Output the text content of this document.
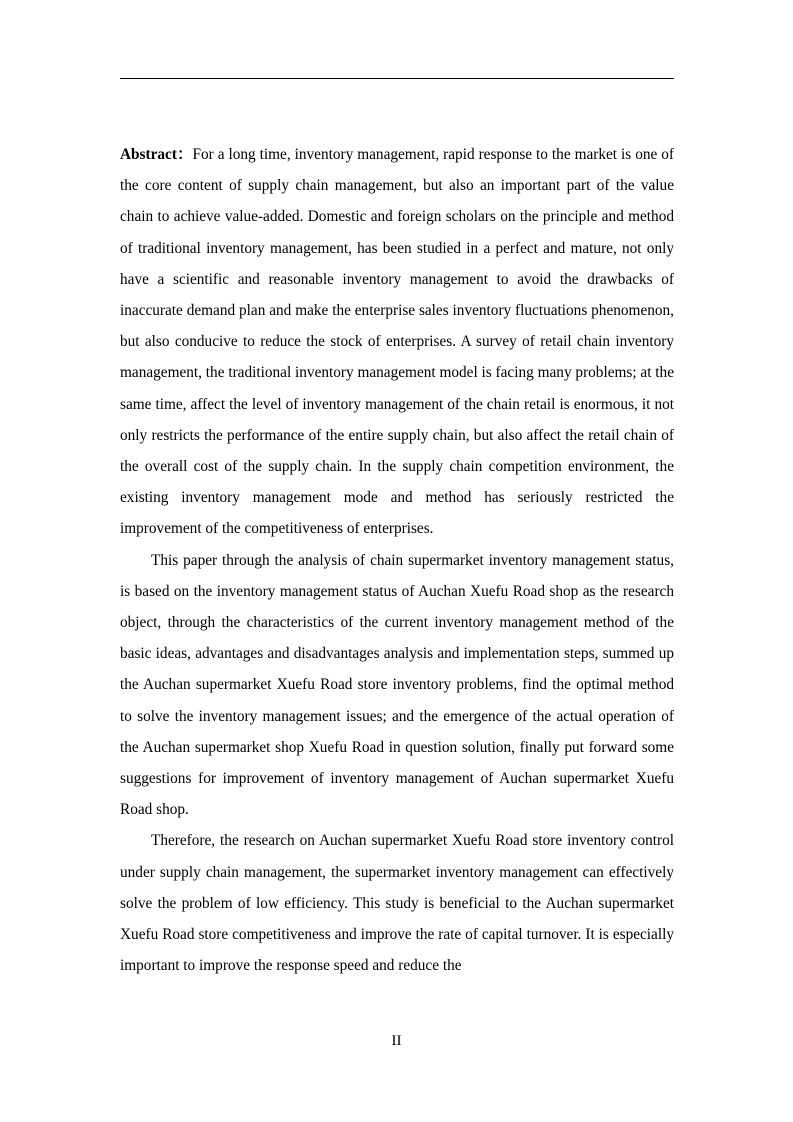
Abstract：For a long time, inventory management, rapid response to the market is one of the core content of supply chain management, but also an important part of the value chain to achieve value-added. Domestic and foreign scholars on the principle and method of traditional inventory management, has been studied in a perfect and mature, not only have a scientific and reasonable inventory management to avoid the drawbacks of inaccurate demand plan and make the enterprise sales inventory fluctuations phenomenon, but also conducive to reduce the stock of enterprises. A survey of retail chain inventory management, the traditional inventory management model is facing many problems; at the same time, affect the level of inventory management of the chain retail is enormous, it not only restricts the performance of the entire supply chain, but also affect the retail chain of the overall cost of the supply chain. In the supply chain competition environment, the existing inventory management mode and method has seriously restricted the improvement of the competitiveness of enterprises.

This paper through the analysis of chain supermarket inventory management status, is based on the inventory management status of Auchan Xuefu Road shop as the research object, through the characteristics of the current inventory management method of the basic ideas, advantages and disadvantages analysis and implementation steps, summed up the Auchan supermarket Xuefu Road store inventory problems, find the optimal method to solve the inventory management issues; and the emergence of the actual operation of the Auchan supermarket shop Xuefu Road in question solution, finally put forward some suggestions for improvement of inventory management of Auchan supermarket Xuefu Road shop.

Therefore, the research on Auchan supermarket Xuefu Road store inventory control under supply chain management, the supermarket inventory management can effectively solve the problem of low efficiency. This study is beneficial to the Auchan supermarket Xuefu Road store competitiveness and improve the rate of capital turnover. It is especially important to improve the response speed and reduce the

II
